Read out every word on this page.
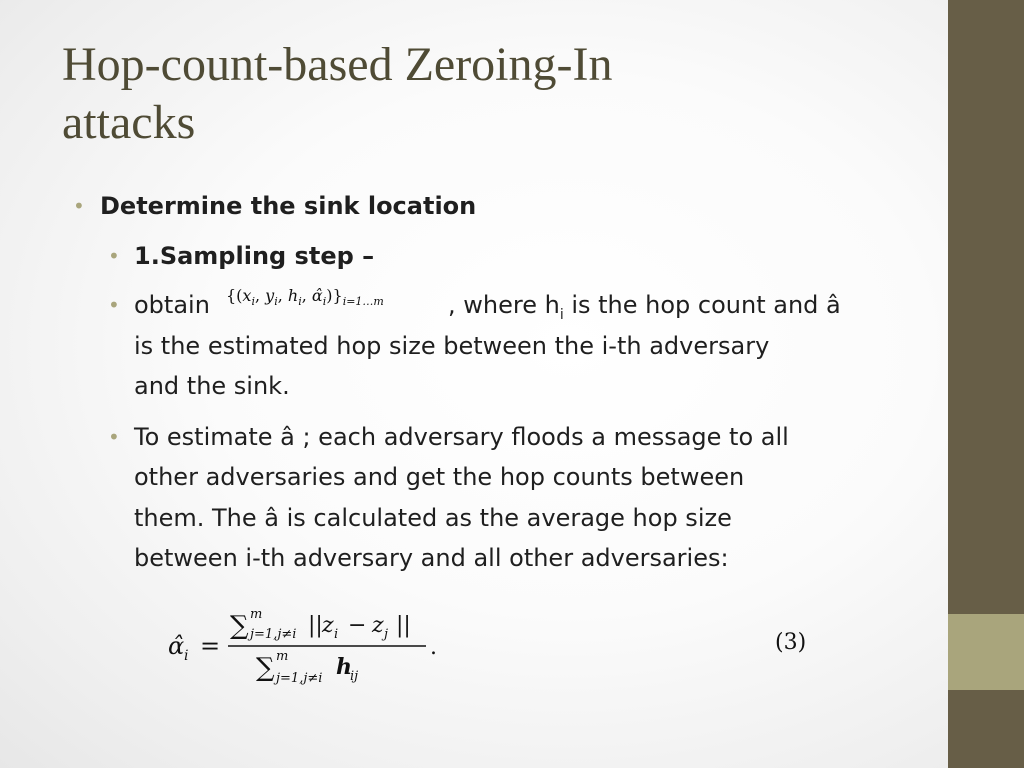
Hop-count-based Zeroing-In
attacks
• Determine the sink location
• 1.Sampling step –
• obtain {($x_i$, $y_i$, $h_i$, $\alphâ_i)\}_{i=1\dots m}$	, where $h_i$ is the hop count and â
is the estimated hop size between the i-th adversary
and the sink.
• To estimate â ; each adversary floods a message to all
other adversaries and get the hop counts between
them. The â is calculated as the average hop size
between i-th adversary and all other adversaries:
α̂ i =
∑ m
j=1,j≠i || z i − z j ||
∑ m
j=1,j≠i h
ij
.	(3)
